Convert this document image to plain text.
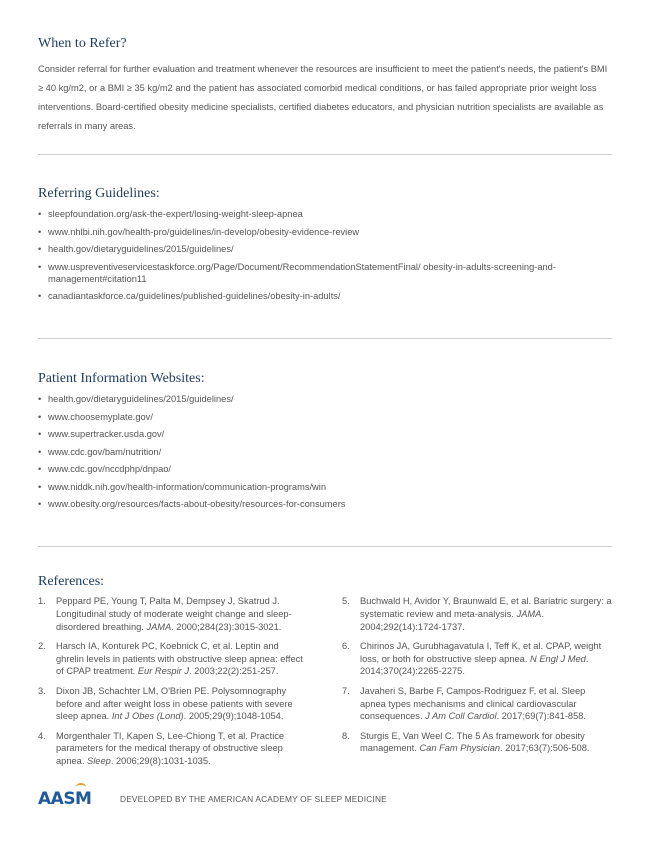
When to Refer?

Consider referral for further evaluation and treatment whenever the resources are insufficient to meet the patient's needs, the patient's BMI ≥ 40 kg/m2, or a BMI ≥ 35 kg/m2 and the patient has associated comorbid medical conditions, or has failed appropriate prior weight loss interventions. Board-certified obesity medicine specialists, certified diabetes educators, and physician nutrition specialists are available as referrals in many areas.

Referring Guidelines:
• sleepfoundation.org/ask-the-expert/losing-weight-sleep-apnea
• www.nhlbi.nih.gov/health-pro/guidelines/in-develop/obesity-evidence-review
• health.gov/dietaryguidelines/2015/guidelines/
• www.uspreventiveservicestaskforce.org/Page/Document/RecommendationStatementFinal/ obesity-in-adults-screening-and-management#citation11
• canadiantaskforce.ca/guidelines/published-guidelines/obesity-in-adults/
Patient Information Websites:
• health.gov/dietaryguidelines/2015/guidelines/
• www.choosemyplate.gov/
• www.supertracker.usda.gov/
• www.cdc.gov/bam/nutrition/
• www.cdc.gov/nccdphp/dnpao/
• www.niddk.nih.gov/health-information/communication-programs/win
• www.obesity.org/resources/facts-about-obesity/resources-for-consumers
References:
1.	Peppard PE, Young T, Palta M, Dempsey J, Skatrud J. Longitudinal study of moderate weight change and sleep-disordered breathing. JAMA. 2000;284(23):3015-3021.
2.	Harsch IA, Konturek PC, Koebnick C, et al. Leptin and ghrelin levels in patients with obstructive sleep apnea: effect of CPAP treatment. Eur Respir J. 2003;22(2):251-257.
3.	Dixon JB, Schachter LM, O'Brien PE. Polysomnography before and after weight loss in obese patients with severe sleep apnea. Int J Obes (Lond). 2005;29(9);1048-1054.
4.	Morgenthaler TI, Kapen S, Lee-Chiong T, et al. Practice parameters for the medical therapy of obstructive sleep apnea. Sleep. 2006;29(8):1031-1035.
5.	Buchwald H, Avidor Y, Braunwald E, et al. Bariatric surgery: a systematic review and meta-analysis. JAMA. 2004;292(14):1724-1737.
6.	Chirinos JA, Gurubhagavatula I, Teff K, et al. CPAP, weight loss, or both for obstructive sleep apnea. N Engl J Med. 2014;370(24):2265-2275.
7.	Javaheri S, Barbe F, Campos-Rodriguez F, et al. Sleep apnea types mechanisms and clinical cardiovascular consequences. J Am Coll Cardiol. 2017;69(7):841-858.
8.	Sturgis E, Van Weel C. The 5 As framework for obesity management. Can Fam Physician. 2017;63(7):506-508.
AASM	DEVELOPED BY THE AMERICAN ACADEMY OF SLEEP MEDICINE
